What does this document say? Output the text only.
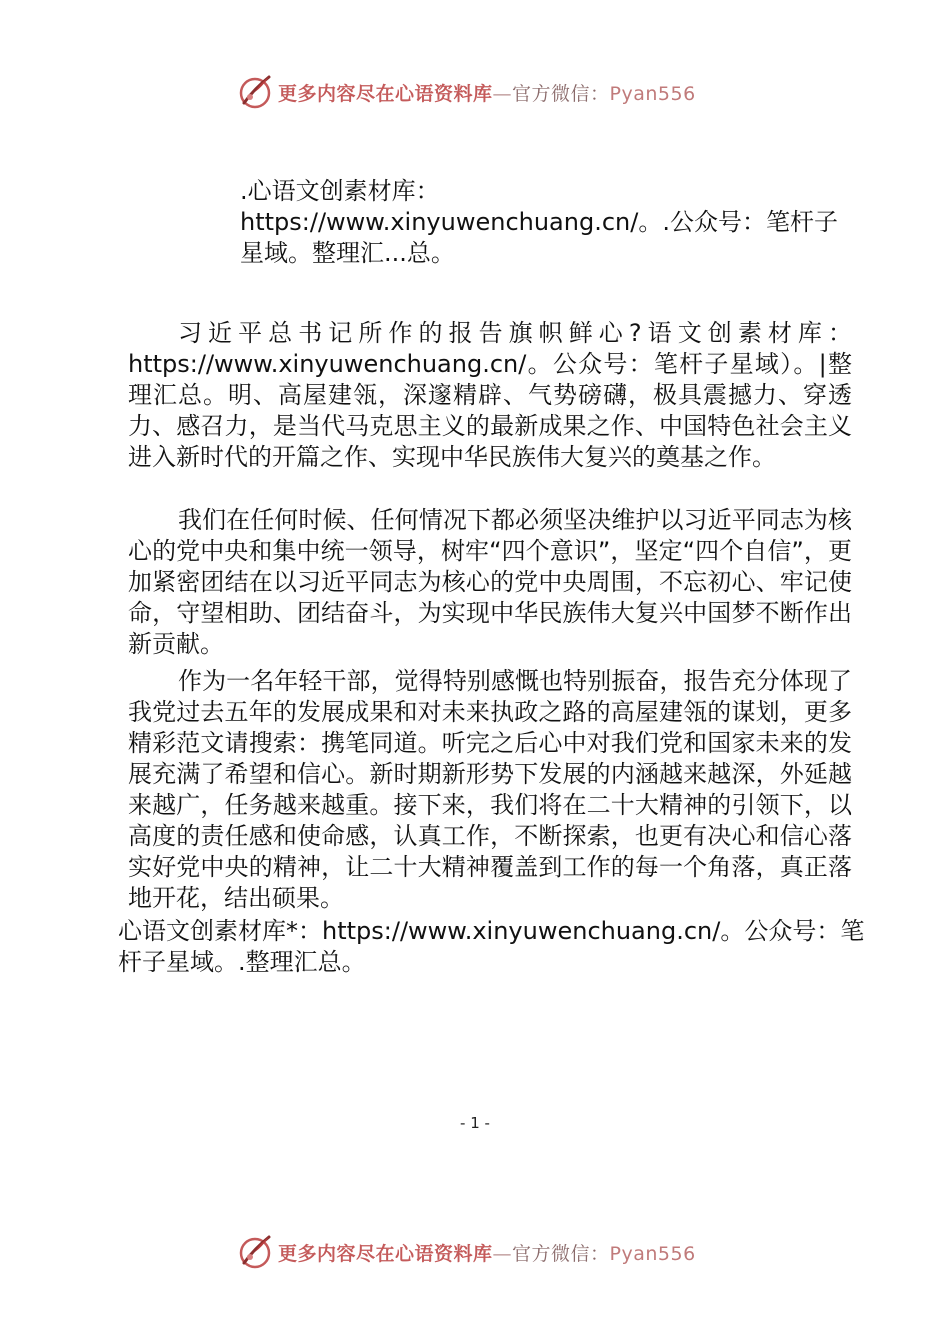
更多内容尽在心语资料库—官方微信：Pyan556
.心语文创素材库：https://www.xinyuwenchuang.cn/。.公众号：笔杆子星域。整理汇...总。
习近平总书记所作的报告旗帜鲜心?语文创素材库：https://www.xinyuwenchuang.cn/。公众号：笔杆子星域）。|整理汇总。明、高屋建瓴，深邃精辟、气势磅礴，极具震撼力、穿透力、感召力，是当代马克思主义的最新成果之作、中国特色社会主义进入新时代的开篇之作、实现中华民族伟大复兴的奠基之作。
我们在任何时候、任何情况下都必须坚决维护以习近平同志为核心的党中央和集中统一领导，树牢“四个意识”，坚定“四个自信”，更加紧密团结在以习近平同志为核心的党中央周围，不忘初心、牢记使命，守望相助、团结奋斗，为实现中华民族伟大复兴中国梦不断作出新贡献。
作为一名年轻干部，觉得特别感慨也特别振奋，报告充分体现了我党过去五年的发展成果和对未来执政之路的高屋建瓴的谋划，更多精彩范文请搜索：携笔同道。听完之后心中对我们党和国家未来的发展充满了希望和信心。新时期新形势下发展的内涵越来越深，外延越来越广，任务越来越重。接下来，我们将在二十大精神的引领下，以高度的责任感和使命感，认真工作，不断探索，也更有决心和信心落实好党中央的精神，让二十大精神覆盖到工作的每一个角落，真正落地开花，结出硕果。
心语文创素材库*：https://www.xinyuwenchuang.cn/。公众号：笔杆子星域。.整理汇总。
- 1 -
更多内容尽在心语资料库—官方微信：Pyan556
